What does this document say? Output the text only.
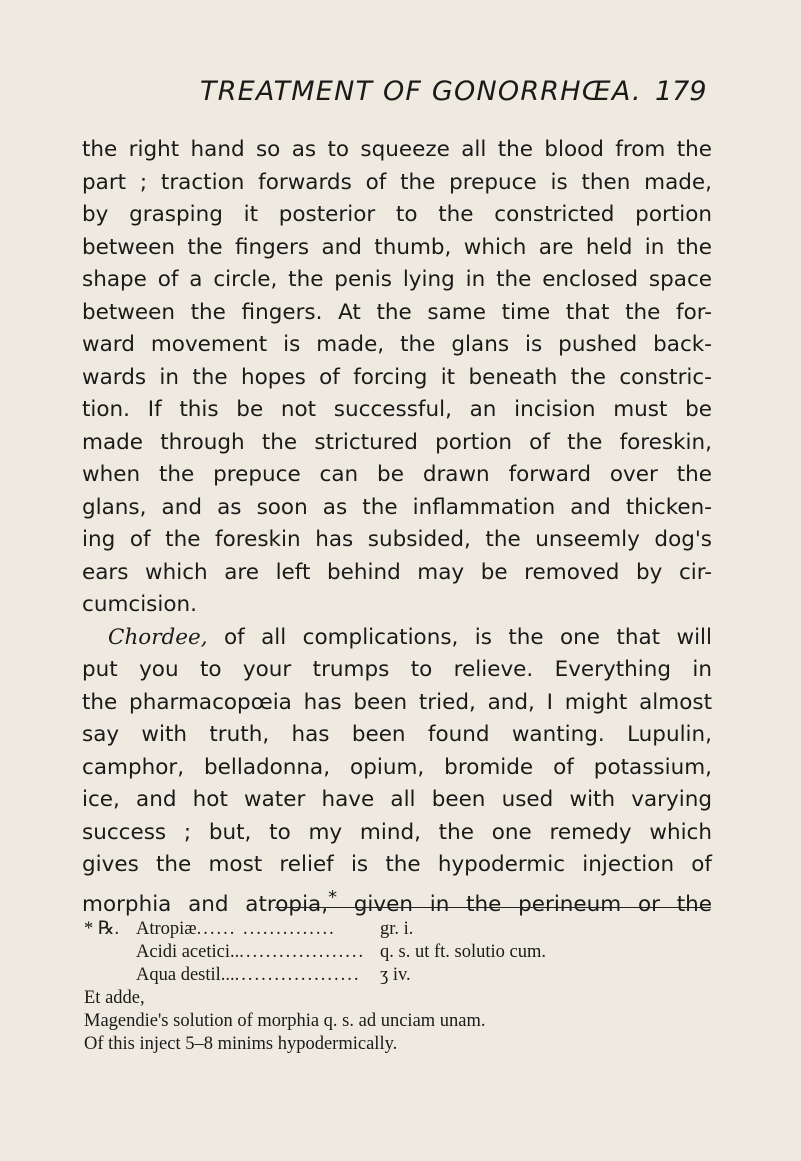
TREATMENT OF GONORRHŒA. 179
the right hand so as to squeeze all the blood from the
part ; traction forwards of the prepuce is then made,
by grasping it posterior to the constricted portion
between the fingers and thumb, which are held in the
shape of a circle, the penis lying in the enclosed space
between the fingers. At the same time that the for-
ward movement is made, the glans is pushed back-
wards in the hopes of forcing it beneath the constric-
tion. If this be not successful, an incision must be
made through the strictured portion of the foreskin,
when the prepuce can be drawn forward over the
glans, and as soon as the inflammation and thicken-
ing of the foreskin has subsided, the unseemly dog's
ears which are left behind may be removed by cir-
cumcision.
Chordee, of all complications, is the one that will
put you to your trumps to relieve. Everything in
the pharmacopœia has been tried, and, I might almost
say with truth, has been found wanting. Lupulin,
camphor, belladonna, opium, bromide of potassium,
ice, and hot water have all been used with varying
success ; but, to my mind, the one remedy which
gives the most relief is the hypodermic injection of
morphia and atropia,* given in the perineum or the
* ℞. Atropiæ...... ..............	gr. i.
Acidi acetici..................... q. s. ut ft. solutio cum.
Aqua destil...................... ʒ iv.
Et adde,
Magendie's solution of morphia q. s. ad unciam unam.
Of this inject 5–8 minims hypodermically.
